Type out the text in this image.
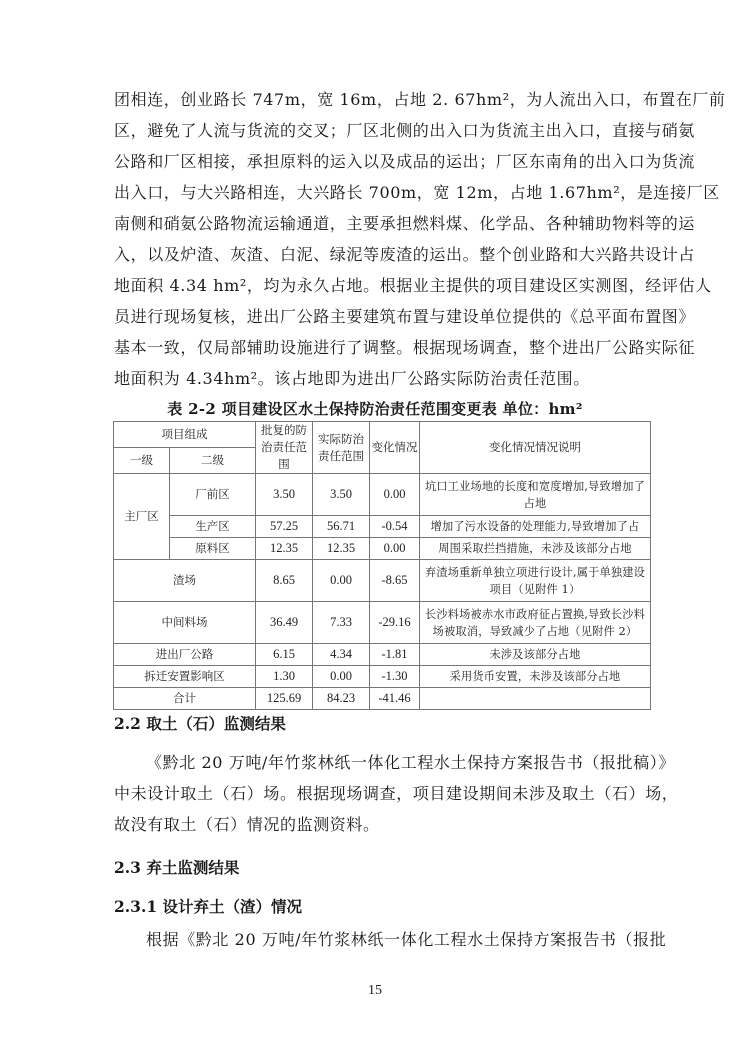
团相连，创业路长 747m，宽 16m，占地 2. 67hm²，为人流出入口，布置在厂前
区，避免了人流与货流的交叉；厂区北侧的出入口为货流主出入口，直接与硝氨
公路和厂区相接，承担原料的运入以及成品的运出；厂区东南角的出入口为货流
出入口，与大兴路相连，大兴路长 700m，宽 12m，占地 1.67hm²，是连接厂区
南侧和硝氨公路物流运输通道，主要承担燃料煤、化学品、各种辅助物料等的运
入，以及炉渣、灰渣、白泥、绿泥等废渣的运出。整个创业路和大兴路共设计占
地面积 4.34 hm²，均为永久占地。根据业主提供的项目建设区实测图，经评估人
员进行现场复核，进出厂公路主要建筑布置与建设单位提供的《总平面布置图》
基本一致，仅局部辅助设施进行了调整。根据现场调查，整个进出厂公路实际征
地面积为 4.34hm²。该占地即为进出厂公路实际防治责任范围。
表 2-2 项目建设区水土保持防治责任范围变更表 单位：hm²
项目组成		批复的防治责任范围	实际防治责任范围	变化情况	变化情况情况说明
一级	二级				
主厂区	厂前区	3.50	3.50	0.00	坑口工业场地的长度和宽度增加,导致增加了占地
	生产区	57.25	56.71	-0.54	增加了污水设备的处理能力,导致增加了占
	原料区	12.35	12.35	0.00	周围采取拦挡措施，未涉及该部分占地
渣场		8.65	0.00	-8.65	弃渣场重新单独立项进行设计,属于单独建设项目（见附件 1）
中间料场		36.49	7.33	-29.16	长沙料场被赤水市政府征占置换,导致长沙料场被取消，导致减少了占地（见附件 2）
进出厂公路		6.15	4.34	-1.81	未涉及该部分占地
拆迁安置影响区		1.30	0.00	-1.30	采用货币安置，未涉及该部分占地
合计		125.69	84.23	-41.46	
2.2 取土（石）监测结果
《黔北 20 万吨/年竹浆林纸一体化工程水土保持方案报告书（报批稿）》
中未设计取土（石）场。根据现场调查，项目建设期间未涉及取土（石）场，
故没有取土（石）情况的监测资料。
2.3 弃土监测结果
2.3.1 设计弃土（渣）情况
根据《黔北 20 万吨/年竹浆林纸一体化工程水土保持方案报告书（报批
15
